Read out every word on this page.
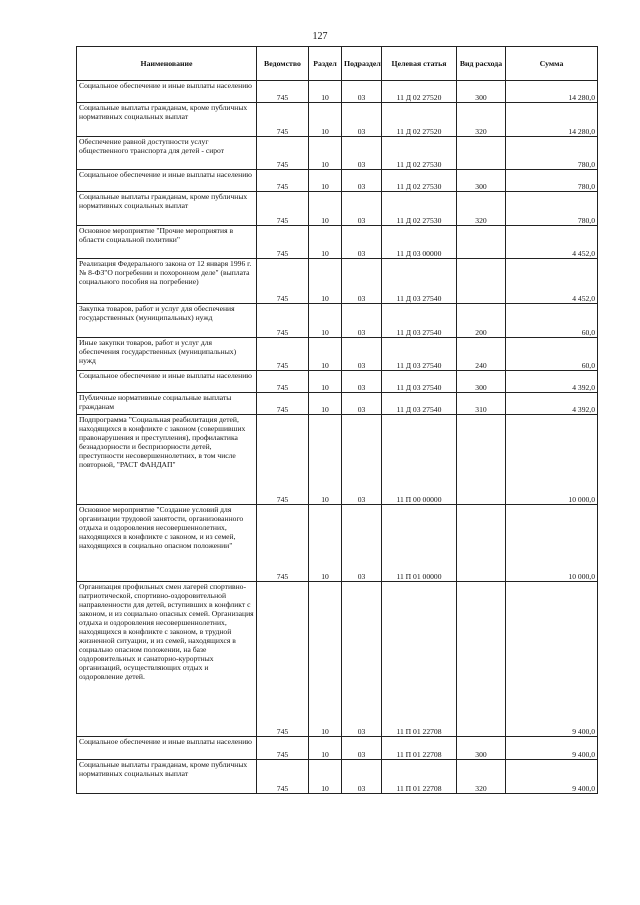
127
Наименование	Ведомство	Раздел	Подраздел	Целевая статья	Вид расхода	Сумма
Социальное обеспечение и иные выплаты населению	745	10	03	11 Д 02 27520	300	14 280,0
Социальные выплаты гражданам, кроме публичных нормативных социальных выплат	745	10	03	11 Д 02 27520	320	14 280,0
Обеспечение равной доступности услуг общественного транспорта для детей - сирот	745	10	03	11 Д 02 27530		780,0
Социальное обеспечение и иные выплаты населению	745	10	03	11 Д 02 27530	300	780,0
Социальные выплаты гражданам, кроме публичных нормативных социальных выплат	745	10	03	11 Д 02 27530	320	780,0
Основное мероприятие "Прочие мероприятия в области социальной политики"	745	10	03	11 Д 03 00000		4 452,0
Реализация Федерального закона от 12 января 1996 г. № 8-ФЗ"О погребении и похоронном деле" (выплата социального пособия на погребение)	745	10	03	11 Д 03 27540		4 452,0
Закупка товаров, работ и услуг для обеспечения государственных (муниципальных) нужд	745	10	03	11 Д 03 27540	200	60,0
Иные закупки товаров, работ и услуг для обеспечения государственных (муниципальных) нужд	745	10	03	11 Д 03 27540	240	60,0
Социальное обеспечение и иные выплаты населению	745	10	03	11 Д 03 27540	300	4 392,0
Публичные нормативные социальные выплаты гражданам	745	10	03	11 Д 03 27540	310	4 392,0
Подпрограмма "Социальная реабилитация детей, находящихся в конфликте с законом (совершивших правонарушения и преступления), профилактика безнадзорности и беспризорности детей, преступности несовершеннолетних, в том числе повторной, "РАСТ ФАНДАП"	745	10	03	11 П 00 00000		10 000,0
Основное мероприятие "Создание условий для организации трудовой занятости, организованного отдыха и оздоровления несовершеннолетних, находящихся в конфликте с законом, и из семей, находящихся в социально опасном положении"	745	10	03	11 П 01 00000		10 000,0
Организация профильных смен лагерей спортивно-патриотической, спортивно-оздоровительной направленности для детей, вступивших в конфликт с законом, и из социально опасных семей. Организация отдыха и оздоровления несовершеннолетних, находящихся в конфликте с законом, в трудной жизненной ситуации, и из семей, находящихся в социально опасном положении, на базе оздоровительных и санаторно-курортных организаций, осуществляющих отдых и оздоровление детей.	745	10	03	11 П 01 22708		9 400,0
Социальное обеспечение и иные выплаты населению	745	10	03	11 П 01 22708	300	9 400,0
Социальные выплаты гражданам, кроме публичных нормативных социальных выплат	745	10	03	11 П 01 22708	320	9 400,0
